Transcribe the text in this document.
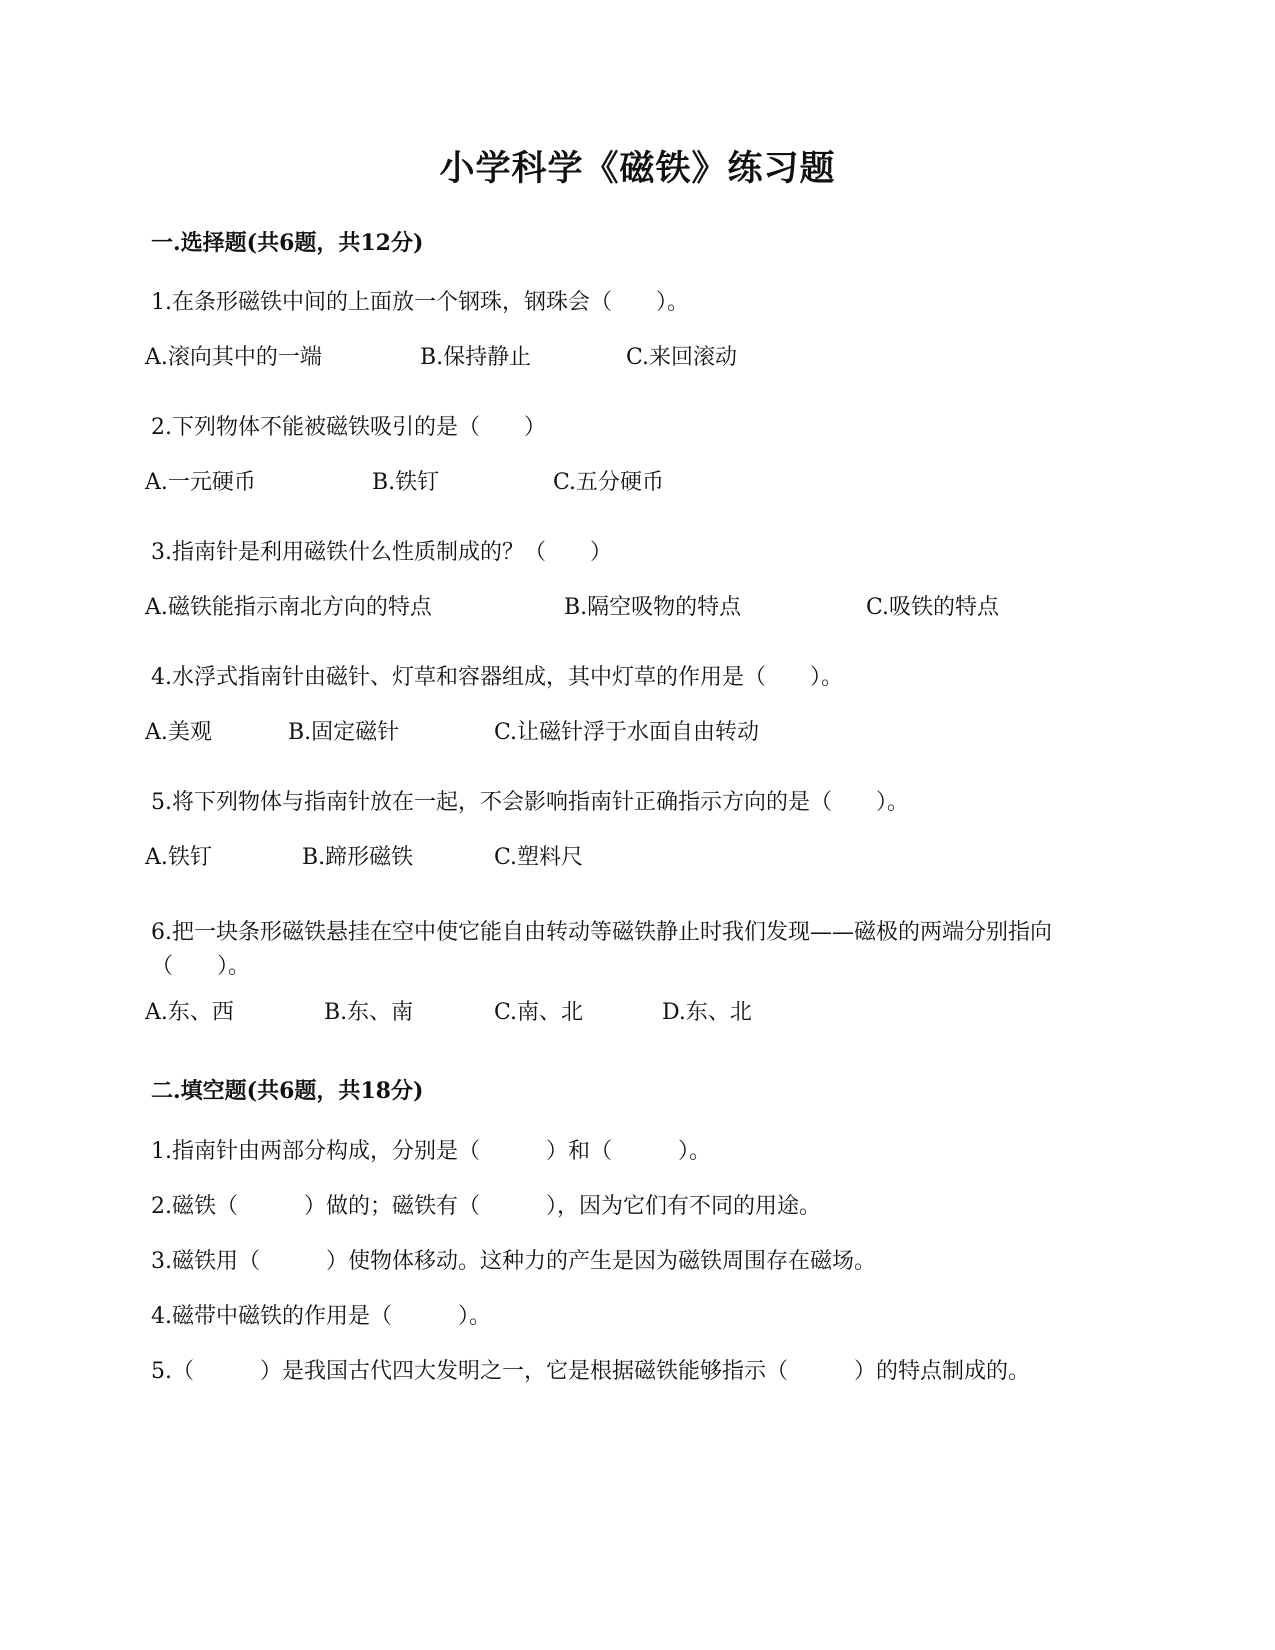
小学科学《磁铁》练习题
一.选择题(共6题，共12分)
1.在条形磁铁中间的上面放一个钢珠，钢珠会（　　）。
A.滚向其中的一端	B.保持静止	C.来回滚动
2.下列物体不能被磁铁吸引的是（　　）
A.一元硬币	B.铁钉	C.五分硬币
3.指南针是利用磁铁什么性质制成的？（　　）
A.磁铁能指示南北方向的特点	B.隔空吸物的特点	C.吸铁的特点
4.水浮式指南针由磁针、灯草和容器组成，其中灯草的作用是（　　）。
A.美观	B.固定磁针	C.让磁针浮于水面自由转动
5.将下列物体与指南针放在一起，不会影响指南针正确指示方向的是（　　）。
A.铁钉	B.蹄形磁铁	C.塑料尺
6.把一块条形磁铁悬挂在空中使它能自由转动等磁铁静止时我们发现——磁极的两端分别指向（　　）。
A.东、西	B.东、南	C.南、北	D.东、北
二.填空题(共6题，共18分)
1.指南针由两部分构成，分别是（　　　）和（　　　）。
2.磁铁（　　　）做的；磁铁有（　　　），因为它们有不同的用途。
3.磁铁用（　　　）使物体移动。这种力的产生是因为磁铁周围存在磁场。
4.磁带中磁铁的作用是（　　　）。
5.（　　　）是我国古代四大发明之一，它是根据磁铁能够指示（　　　）的特点制成的。
